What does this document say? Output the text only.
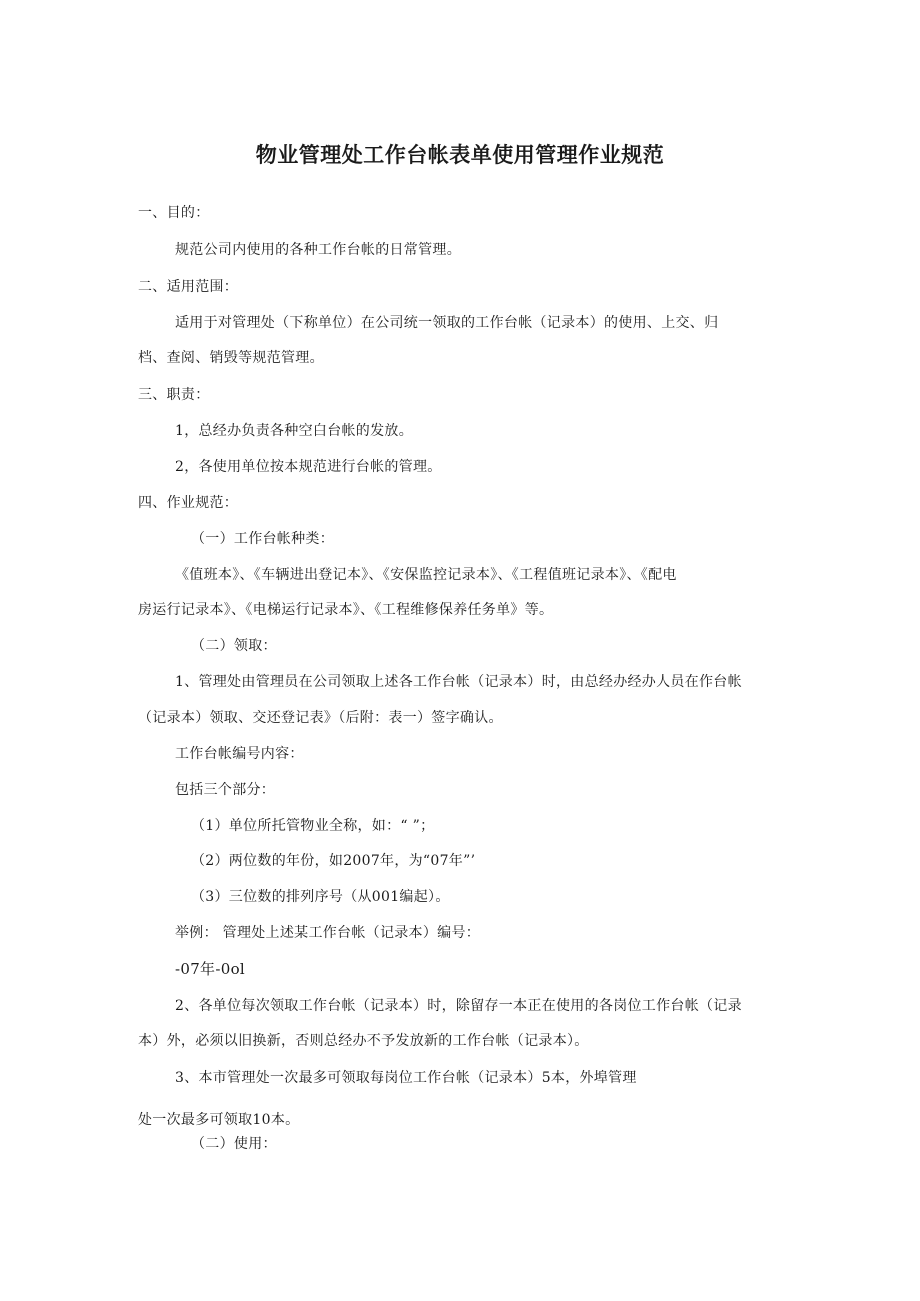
物业管理处工作台帐表单使用管理作业规范
一、目的：
规范公司内使用的各种工作台帐的日常管理。
二、适用范围：
适用于对管理处（下称单位）在公司统一领取的工作台帐（记录本）的使用、上交、归
档、查阅、销毁等规范管理。
三、职责：
1，总经办负责各种空白台帐的发放。
2，各使用单位按本规范进行台帐的管理。
四、作业规范：
（一）工作台帐种类：
《值班本》、《车辆进出登记本》、《安保监控记录本》、《工程值班记录本》、《配电
房运行记录本》、《电梯运行记录本》、《工程维修保养任务单》等。
（二）领取：
1、管理处由管理员在公司领取上述各工作台帐（记录本）时，由总经办经办人员在作台帐
（记录本）领取、交还登记表》（后附：表一）签字确认。
工作台帐编号内容：
包括三个部分：
（1）单位所托管物业全称，如：“ ”；
（2）两位数的年份，如2007年，为“07年”’
（3）三位数的排列序号（从001编起）。
举例： 管理处上述某工作台帐（记录本）编号：
-07年-0ol
2、各单位每次领取工作台帐（记录本）时，除留存一本正在使用的各岗位工作台帐（记录
本）外，必须以旧换新，否则总经办不予发放新的工作台帐（记录本）。
3、本市管理处一次最多可领取每岗位工作台帐（记录本）5本，外埠管理
处一次最多可领取10本。
（二）使用：
